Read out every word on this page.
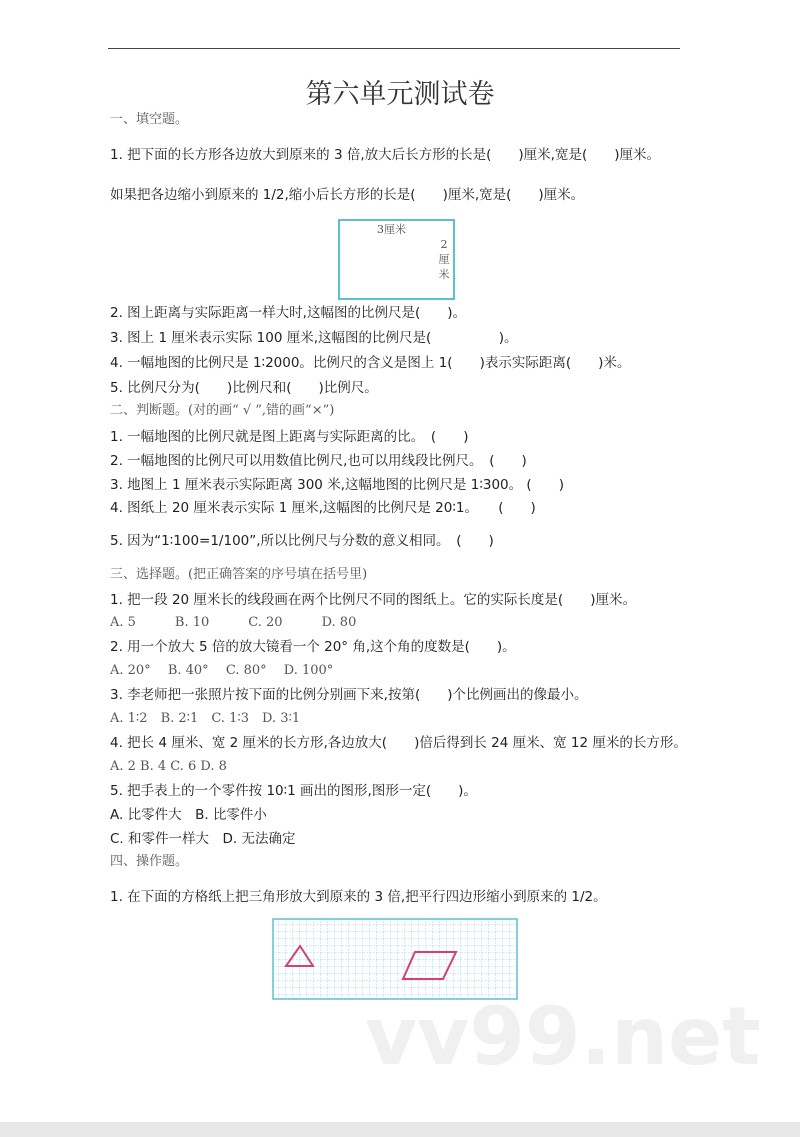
第六单元测试卷
一、填空题。
1. 把下面的长方形各边放大到原来的 3 倍,放大后长方形的长是(　　)厘米,宽是(　　)厘米。
如果把各边缩小到原来的 1/2,缩小后长方形的长是(　　)厘米,宽是(　　)厘米。
3厘米
2厘米
2. 图上距离与实际距离一样大时,这幅图的比例尺是(　　)。
3. 图上 1 厘米表示实际 100 厘米,这幅图的比例尺是(　　　　　)。
4. 一幅地图的比例尺是 1∶2000。比例尺的含义是图上 1(　　)表示实际距离(　　)米。
5. 比例尺分为(　　)比例尺和(　　)比例尺。
二、判断题。(对的画“ √ ”,错的画“×”)
1. 一幅地图的比例尺就是图上距离与实际距离的比。　(　　)
2. 一幅地图的比例尺可以用数值比例尺,也可以用线段比例尺。　(　　)
3. 地图上 1 厘米表示实际距离 300 米,这幅地图的比例尺是 1∶300。 (　　)
4. 图纸上 20 厘米表示实际 1 厘米,这幅图的比例尺是 20∶1。　　(　　)
5. 因为“1∶100=1/100”,所以比例尺与分数的意义相同。　(　　)
三、选择题。(把正确答案的序号填在括号里)
1. 把一段 20 厘米长的线段画在两个比例尺不同的图纸上。它的实际长度是(　　)厘米。
A. 5　　　B. 10　　　C. 20　　　D. 80
2. 用一个放大 5 倍的放大镜看一个 20° 角,这个角的度数是(　　)。
A. 20°　 B. 40°　 C. 80°　 D. 100°
3. 李老师把一张照片按下面的比例分别画下来,按第(　　)个比例画出的像最小。
A. 1∶2　B. 2∶1　C. 1∶3　D. 3∶1
4. 把长 4 厘米、宽 2 厘米的长方形,各边放大(　　)倍后得到长 24 厘米、宽 12 厘米的长方形。
A. 2 B. 4 C. 6 D. 8
5. 把手表上的一个零件按 10∶1 画出的图形,图形一定(　　)。
A. 比零件大　B. 比零件小
C. 和零件一样大　D. 无法确定
四、操作题。
1. 在下面的方格纸上把三角形放大到原来的 3 倍,把平行四边形缩小到原来的 1/2。
vv99.net
